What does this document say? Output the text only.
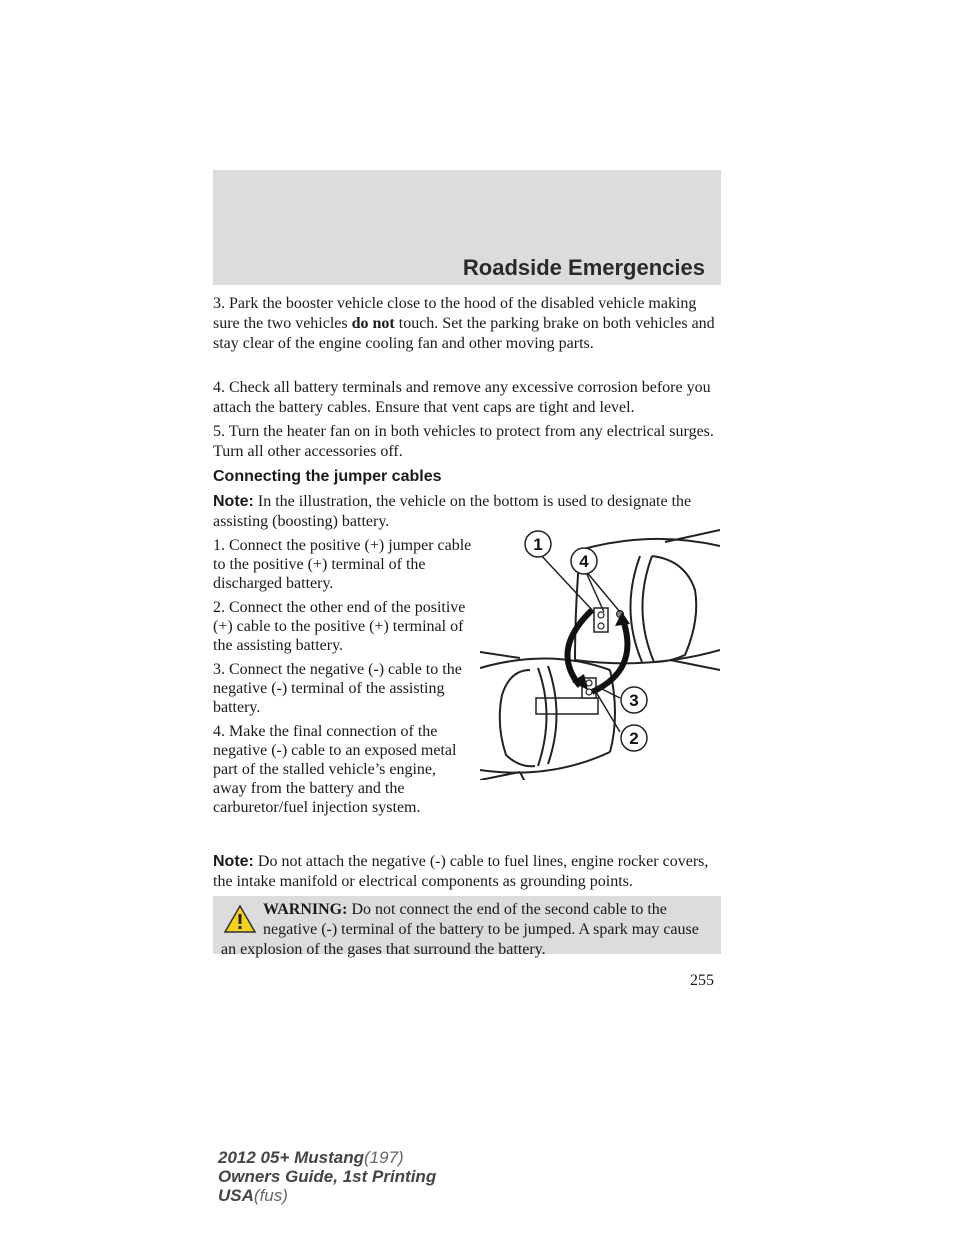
Roadside Emergencies

3. Park the booster vehicle close to the hood of the disabled vehicle making sure the two vehicles do not touch. Set the parking brake on both vehicles and stay clear of the engine cooling fan and other moving parts.

4. Check all battery terminals and remove any excessive corrosion before you attach the battery cables. Ensure that vent caps are tight and level.

5. Turn the heater fan on in both vehicles to protect from any electrical surges. Turn all other accessories off.

Connecting the jumper cables

Note: In the illustration, the vehicle on the bottom is used to designate the assisting (boosting) battery.

1. Connect the positive (+) jumper cable to the positive (+) terminal of the discharged battery.

2. Connect the other end of the positive (+) cable to the positive (+) terminal of the assisting battery.

3. Connect the negative (-) cable to the negative (-) terminal of the assisting battery.

4. Make the final connection of the negative (-) cable to an exposed metal part of the stalled vehicle’s engine, away from the battery and the carburetor/fuel injection system.

1
4
3
2

Note: Do not attach the negative (-) cable to fuel lines, engine rocker covers, the intake manifold or electrical components as grounding points.

WARNING: Do not connect the end of the second cable to the
negative (-) terminal of the battery to be jumped. A spark may cause an explosion of the gases that surround the battery.
255
2012 05+ Mustang(197)
Owners Guide, 1st Printing
USA(fus)
